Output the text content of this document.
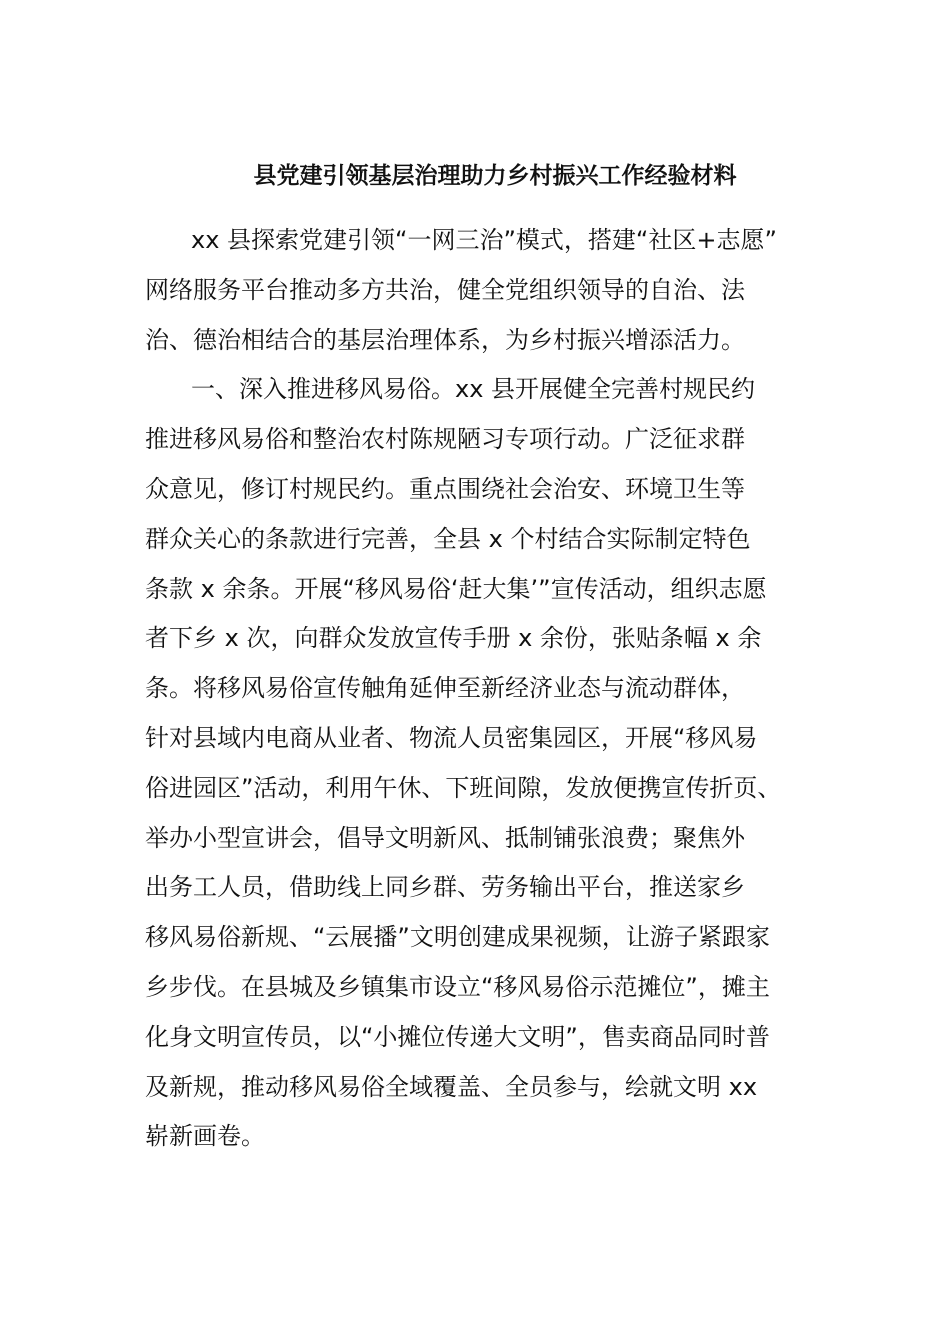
县党建引领基层治理助力乡村振兴工作经验材料
xx 县探索党建引领“一网三治”模式，搭建“社区+志愿”
网络服务平台推动多方共治，健全党组织领导的自治、法
治、德治相结合的基层治理体系，为乡村振兴增添活力。
一、深入推进移风易俗。xx 县开展健全完善村规民约
推进移风易俗和整治农村陈规陋习专项行动。广泛征求群
众意见，修订村规民约。重点围绕社会治安、环境卫生等
群众关心的条款进行完善，全县 x 个村结合实际制定特色
条款 x 余条。开展“移风易俗‘赶大集’”宣传活动，组织志愿
者下乡 x 次，向群众发放宣传手册 x 余份，张贴条幅 x 余
条。将移风易俗宣传触角延伸至新经济业态与流动群体，
针对县域内电商从业者、物流人员密集园区，开展“移风易
俗进园区”活动，利用午休、下班间隙，发放便携宣传折页、
举办小型宣讲会，倡导文明新风、抵制铺张浪费；聚焦外
出务工人员，借助线上同乡群、劳务输出平台，推送家乡
移风易俗新规、“云展播”文明创建成果视频，让游子紧跟家
乡步伐。在县城及乡镇集市设立“移风易俗示范摊位”，摊主
化身文明宣传员，以“小摊位传递大文明”，售卖商品同时普
及新规，推动移风易俗全域覆盖、全员参与，绘就文明 xx
崭新画卷。
